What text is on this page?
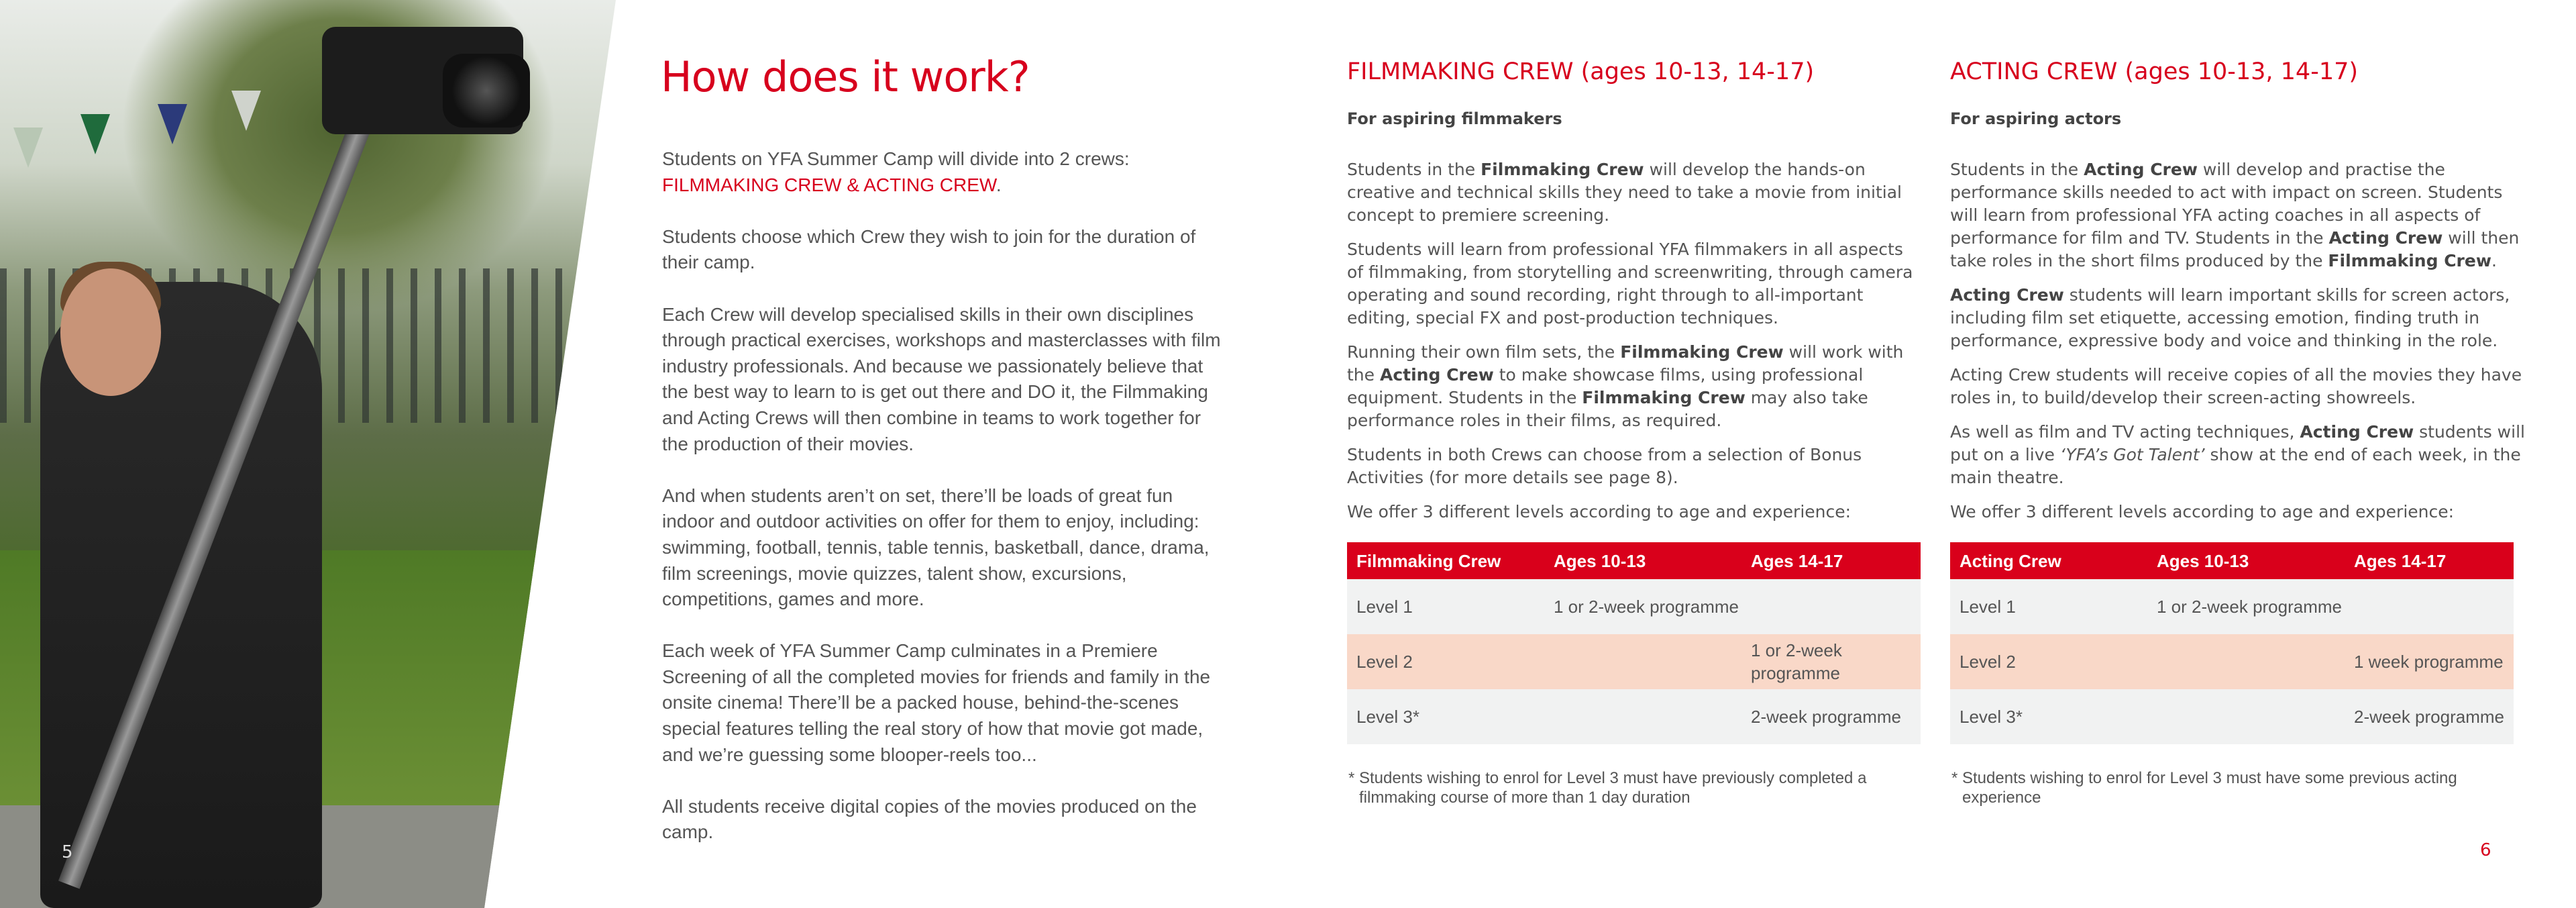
5	6
How does it work?

Students on YFA Summer Camp will divide into 2 crews:
FILMMAKING CREW & ACTING CREW.

Students choose which Crew they wish to join for the duration of their camp.

Each Crew will develop specialised skills in their own disciplines through practical exercises, workshops and masterclasses with film industry professionals. And because we passionately believe that the best way to learn to is get out there and DO it, the Filmmaking and Acting Crews will then combine in teams to work together for the production of their movies.

And when students aren’t on set, there’ll be loads of great fun indoor and outdoor activities on offer for them to enjoy, including: swimming, football, tennis, table tennis, basketball, dance, drama, film screenings, movie quizzes, talent show, excursions, competitions, games and more.

Each week of YFA Summer Camp culminates in a Premiere Screening of all the completed movies for friends and family in the onsite cinema! There’ll be a packed house, behind-the-scenes special features telling the real story of how that movie got made, and we’re guessing some blooper-reels too...

All students receive digital copies of the movies produced on the camp.

FILMMAKING CREW (ages 10-13, 14-17)
For aspiring filmmakers

Students in the Filmmaking Crew will develop the hands-on creative and technical skills they need to take a movie from initial concept to premiere screening.

Students will learn from professional YFA filmmakers in all aspects of filmmaking, from storytelling and screenwriting, through camera operating and sound recording, right through to all-important editing, special FX and post-production techniques.

Running their own film sets, the Filmmaking Crew will work with the Acting Crew to make showcase films, using professional equipment. Students in the Filmmaking Crew may also take performance roles in their films, as required.

Students in both Crews can choose from a selection of Bonus Activities (for more details see page 8).

We offer 3 different levels according to age and experience:

Filmmaking Crew	Ages 10-13	Ages 14-17
Level 1	1 or 2-week programme	
Level 2		1 or 2-week programme
Level 3*		2-week programme
* Students wishing to enrol for Level 3 must have previously completed a filmmaking course of more than 1 day duration
ACTING CREW (ages 10-13, 14-17)
For aspiring actors

Students in the Acting Crew will develop and practise the performance skills needed to act with impact on screen. Students will learn from professional YFA acting coaches in all aspects of performance for film and TV. Students in the Acting Crew will then take roles in the short films produced by the Filmmaking Crew.

Acting Crew students will learn important skills for screen actors, including film set etiquette, accessing emotion, finding truth in performance, expressive body and voice and thinking in the role.

Acting Crew students will receive copies of all the movies they have roles in, to build/develop their screen-acting showreels.

As well as film and TV acting techniques, Acting Crew students will put on a live ‘YFA’s Got Talent’ show at the end of each week, in the main theatre.

We offer 3 different levels according to age and experience:

Acting Crew	Ages 10-13	Ages 14-17
Level 1	1 or 2-week programme	
Level 2		1 week programme
Level 3*		2-week programme
* Students wishing to enrol for Level 3 must have some previous acting experience
